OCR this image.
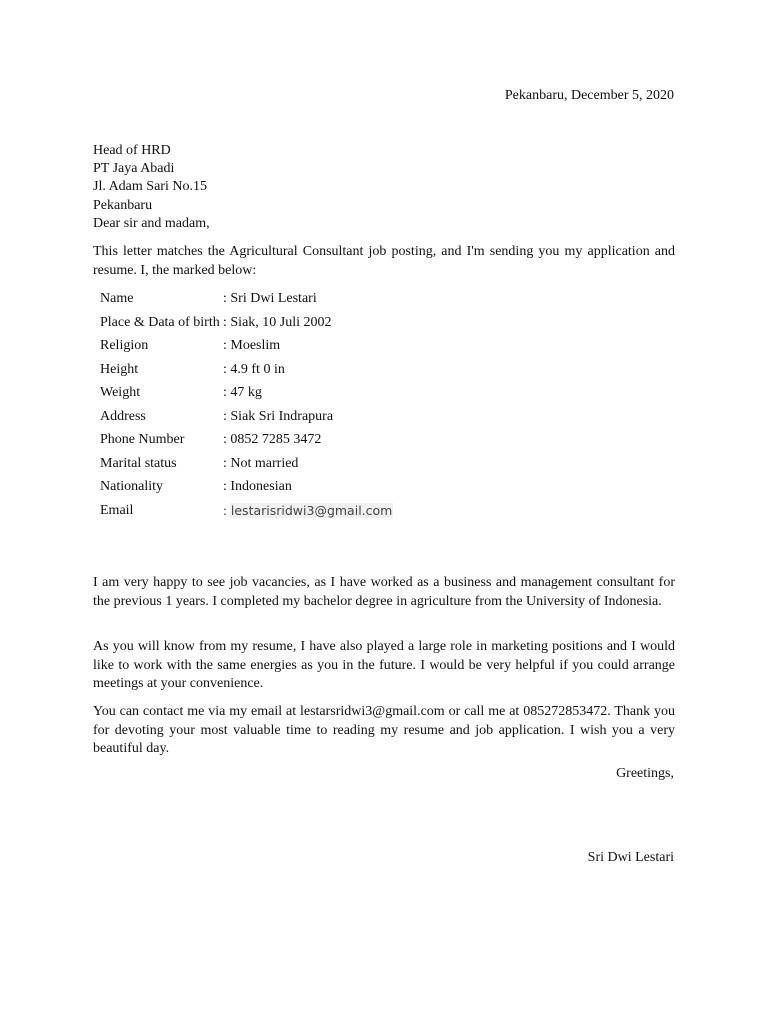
Pekanbaru, December 5, 2020
Head of HRD
PT Jaya Abadi
Jl. Adam Sari No.15
Pekanbaru
Dear sir and madam,
This letter matches the Agricultural Consultant job posting, and I'm sending you my application and resume. I, the marked below:
Name	: Sri Dwi Lestari
Place & Data of birth : Siak, 10 Juli 2002
Religion	: Moeslim
Height	: 4.9 ft 0 in
Weight	: 47 kg
Address	: Siak Sri Indrapura
Phone Number	: 0852 7285 3472
Marital status	: Not married
Nationality	: Indonesian
Email	: lestarisridwi3@gmail.com
I am very happy to see job vacancies, as I have worked as a business and management consultant for the previous 1 years. I completed my bachelor degree in agriculture from the University of Indonesia.
As you will know from my resume, I have also played a large role in marketing positions and I would like to work with the same energies as you in the future. I would be very helpful if you could arrange meetings at your convenience.
You can contact me via my email at lestarsridwi3@gmail.com or call me at 085272853472. Thank you for devoting your most valuable time to reading my resume and job application. I wish you a very beautiful day.
Greetings,
Sri Dwi Lestari
